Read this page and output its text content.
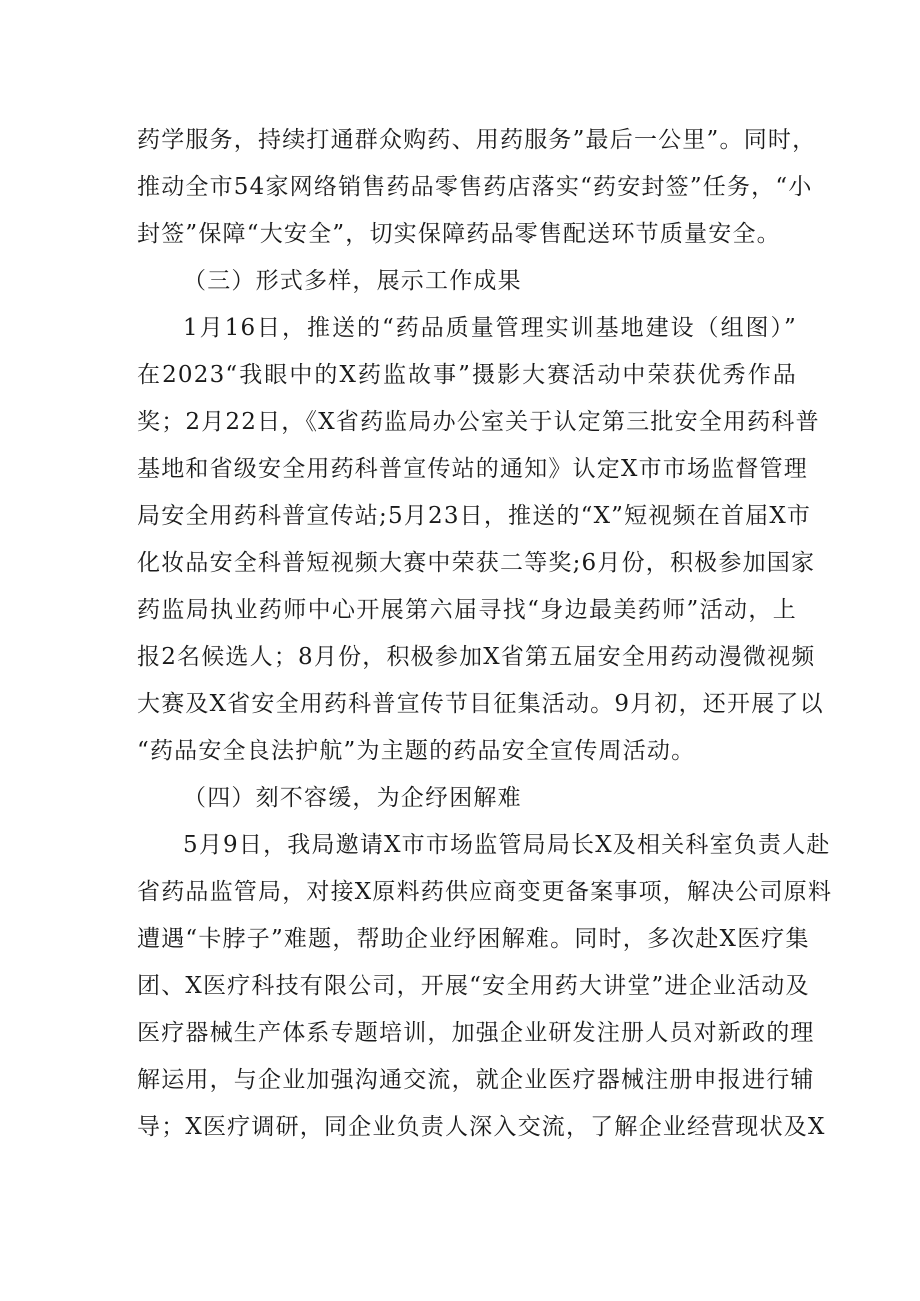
药学服务，持续打通群众购药、用药服务”最后一公里”。同时，
推动全市54家网络销售药品零售药店落实“药安封签”任务，“小
封签”保障“大安全”，切实保障药品零售配送环节质量安全。
（三）形式多样，展示工作成果
1月16日，推送的“药品质量管理实训基地建设（组图）”
在2023“我眼中的X药监故事”摄影大赛活动中荣获优秀作品
奖；2月22日，《X省药监局办公室关于认定第三批安全用药科普
基地和省级安全用药科普宣传站的通知》认定X市市场监督管理
局安全用药科普宣传站;5月23日，推送的“X”短视频在首届X市
化妆品安全科普短视频大赛中荣获二等奖;6月份，积极参加国家
药监局执业药师中心开展第六届寻找“身边最美药师”活动，上
报2名候选人；8月份，积极参加X省第五届安全用药动漫微视频
大赛及X省安全用药科普宣传节目征集活动。9月初，还开展了以
“药品安全良法护航”为主题的药品安全宣传周活动。
（四）刻不容缓，为企纾困解难
5月9日，我局邀请X市市场监管局局长X及相关科室负责人赴
省药品监管局，对接X原料药供应商变更备案事项，解决公司原料
遭遇“卡脖子”难题，帮助企业纾困解难。同时，多次赴X医疗集
团、X医疗科技有限公司，开展“安全用药大讲堂”进企业活动及
医疗器械生产体系专题培训，加强企业研发注册人员对新政的理
解运用，与企业加强沟通交流，就企业医疗器械注册申报进行辅
导；X医疗调研，同企业负责人深入交流，了解企业经营现状及X
